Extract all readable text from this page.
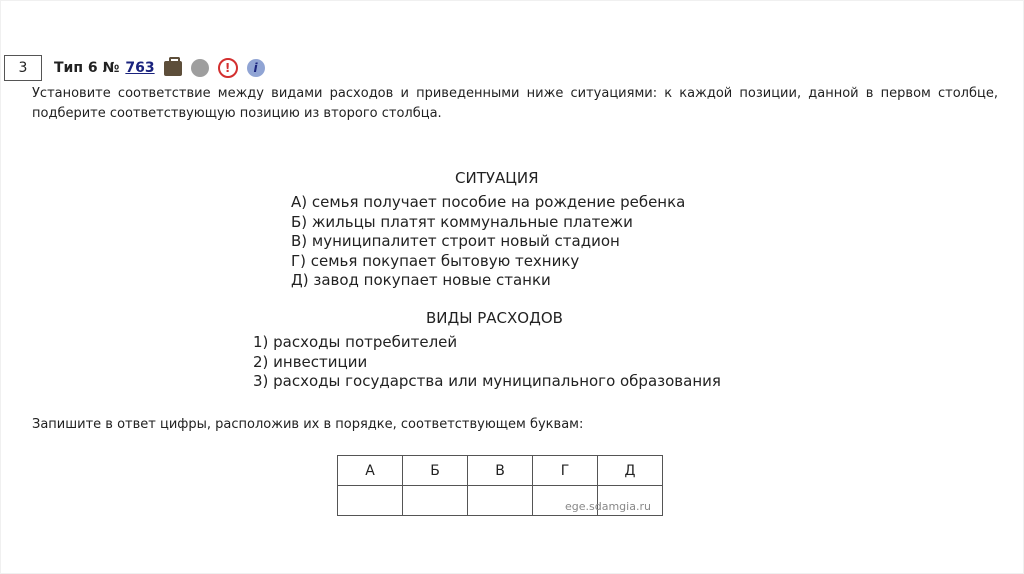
3	Тип 6 № 763	!	i
Установите соответствие между видами расходов и приведенными ниже ситуациями: к каждой позиции, данной в первом столбце, подберите соответствующую позицию из второго столбца.
СИТУАЦИЯ
А) семья получает пособие на рождение ребенка
Б) жильцы платят коммунальные платежи
В) муниципалитет строит новый стадион
Г) семья покупает бытовую технику
Д) завод покупает новые станки
ВИДЫ РАСХОДОВ
1) расходы потребителей
2) инвестиции
3) расходы государства или муниципального образования
Запишите в ответ цифры, расположив их в порядке, соответствующем буквам:
А	Б	В	Г	Д

ege.sdamgia.ru
